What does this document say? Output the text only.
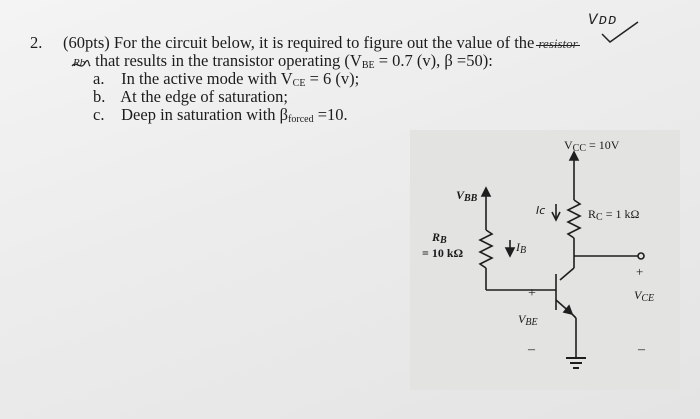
2. (60pts) For the circuit below, it is required to figure out the value of the resistor
Rb that results in the transistor operating ($V_{BE} = 0.7$ (v), β =50):
a. In the active mode with $V_{CE} = 6$ (v);
b. At the edge of saturation;
c. Deep in saturation with $\beta_{forced} =10$.
Vᴅᴅ
$V_{CC} = 10V$
$R_C = 1$ kΩ
Ic
$V_{BB}$
$R_B$
= 10 kΩ	$I_B$
+
$V_{BE}$
–
+
$V_{CE}$
–
